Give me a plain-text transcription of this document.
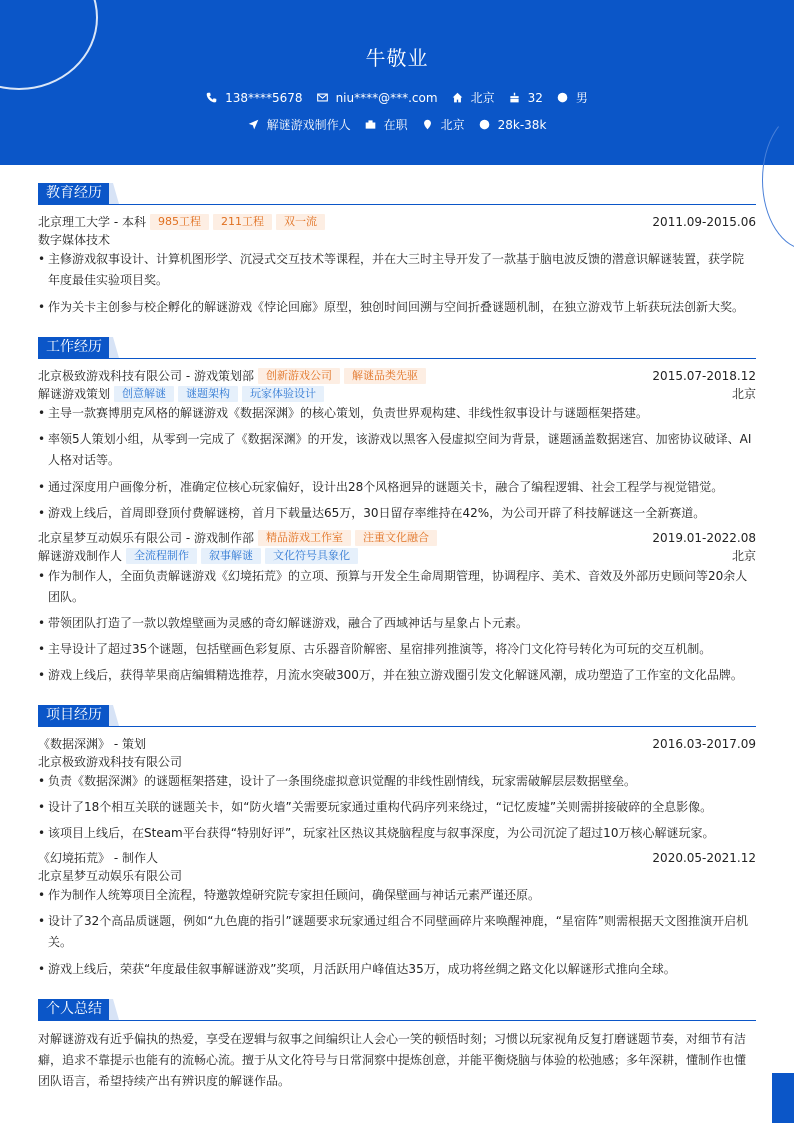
牛敬业
138****5678	niu****@***.com	北京	32	男
解谜游戏制作人	在职	北京	28k-38k
教育经历
北京理工大学 - 本科	985工程	211工程	双一流	2011.09-2015.06
数字媒体技术
• 主修游戏叙事设计、计算机图形学、沉浸式交互技术等课程，并在大三时主导开发了一款基于脑电波反馈的潜意识解谜装置，获学院
年度最佳实验项目奖。
• 作为关卡主创参与校企孵化的解谜游戏《悖论回廊》原型，独创时间回溯与空间折叠谜题机制，在独立游戏节上斩获玩法创新大奖。
工作经历
北京极致游戏科技有限公司 - 游戏策划部	创新游戏公司	解谜品类先驱	2015.07-2018.12
解谜游戏策划	创意解谜	谜题架构	玩家体验设计	北京
• 主导一款赛博朋克风格的解谜游戏《数据深渊》的核心策划，负责世界观构建、非线性叙事设计与谜题框架搭建。
• 率领5人策划小组，从零到一完成了《数据深渊》的开发，该游戏以黑客入侵虚拟空间为背景，谜题涵盖数据迷宫、加密协议破译、AI
人格对话等。
• 通过深度用户画像分析，准确定位核心玩家偏好，设计出28个风格迥异的谜题关卡，融合了编程逻辑、社会工程学与视觉错觉。
• 游戏上线后，首周即登顶付费解谜榜，首月下载量达65万，30日留存率维持在42%，为公司开辟了科技解谜这一全新赛道。
北京星梦互动娱乐有限公司 - 游戏制作部	精品游戏工作室	注重文化融合	2019.01-2022.08
解谜游戏制作人	全流程制作	叙事解谜	文化符号具象化	北京
• 作为制作人，全面负责解谜游戏《幻境拓荒》的立项、预算与开发全生命周期管理，协调程序、美术、音效及外部历史顾问等20余人
团队。
• 带领团队打造了一款以敦煌壁画为灵感的奇幻解谜游戏，融合了西域神话与星象占卜元素。
• 主导设计了超过35个谜题，包括壁画色彩复原、古乐器音阶解密、星宿排列推演等，将冷门文化符号转化为可玩的交互机制。
• 游戏上线后，获得苹果商店编辑精选推荐，月流水突破300万，并在独立游戏圈引发文化解谜风潮，成功塑造了工作室的文化品牌。
项目经历
《数据深渊》 - 策划	2016.03-2017.09
北京极致游戏科技有限公司
• 负责《数据深渊》的谜题框架搭建，设计了一条围绕虚拟意识觉醒的非线性剧情线，玩家需破解层层数据壁垒。
• 设计了18个相互关联的谜题关卡，如“防火墙”关需要玩家通过重构代码序列来绕过，“记忆废墟”关则需拼接破碎的全息影像。
• 该项目上线后，在Steam平台获得“特别好评”，玩家社区热议其烧脑程度与叙事深度，为公司沉淀了超过10万核心解谜玩家。
《幻境拓荒》 - 制作人	2020.05-2021.12
北京星梦互动娱乐有限公司
• 作为制作人统筹项目全流程，特邀敦煌研究院专家担任顾问，确保壁画与神话元素严谨还原。
• 设计了32个高品质谜题，例如“九色鹿的指引”谜题要求玩家通过组合不同壁画碎片来唤醒神鹿，“星宿阵”则需根据天文图推演开启机
关。
• 游戏上线后，荣获“年度最佳叙事解谜游戏”奖项，月活跃用户峰值达35万，成功将丝绸之路文化以解谜形式推向全球。
个人总结
对解谜游戏有近乎偏执的热爱，享受在逻辑与叙事之间编织让人会心一笑的顿悟时刻；习惯以玩家视角反复打磨谜题节奏，对细节有洁
癖，追求不靠提示也能有的流畅心流。擅于从文化符号与日常洞察中提炼创意，并能平衡烧脑与体验的松弛感；多年深耕，懂制作也懂
团队语言，希望持续产出有辨识度的解谜作品。
